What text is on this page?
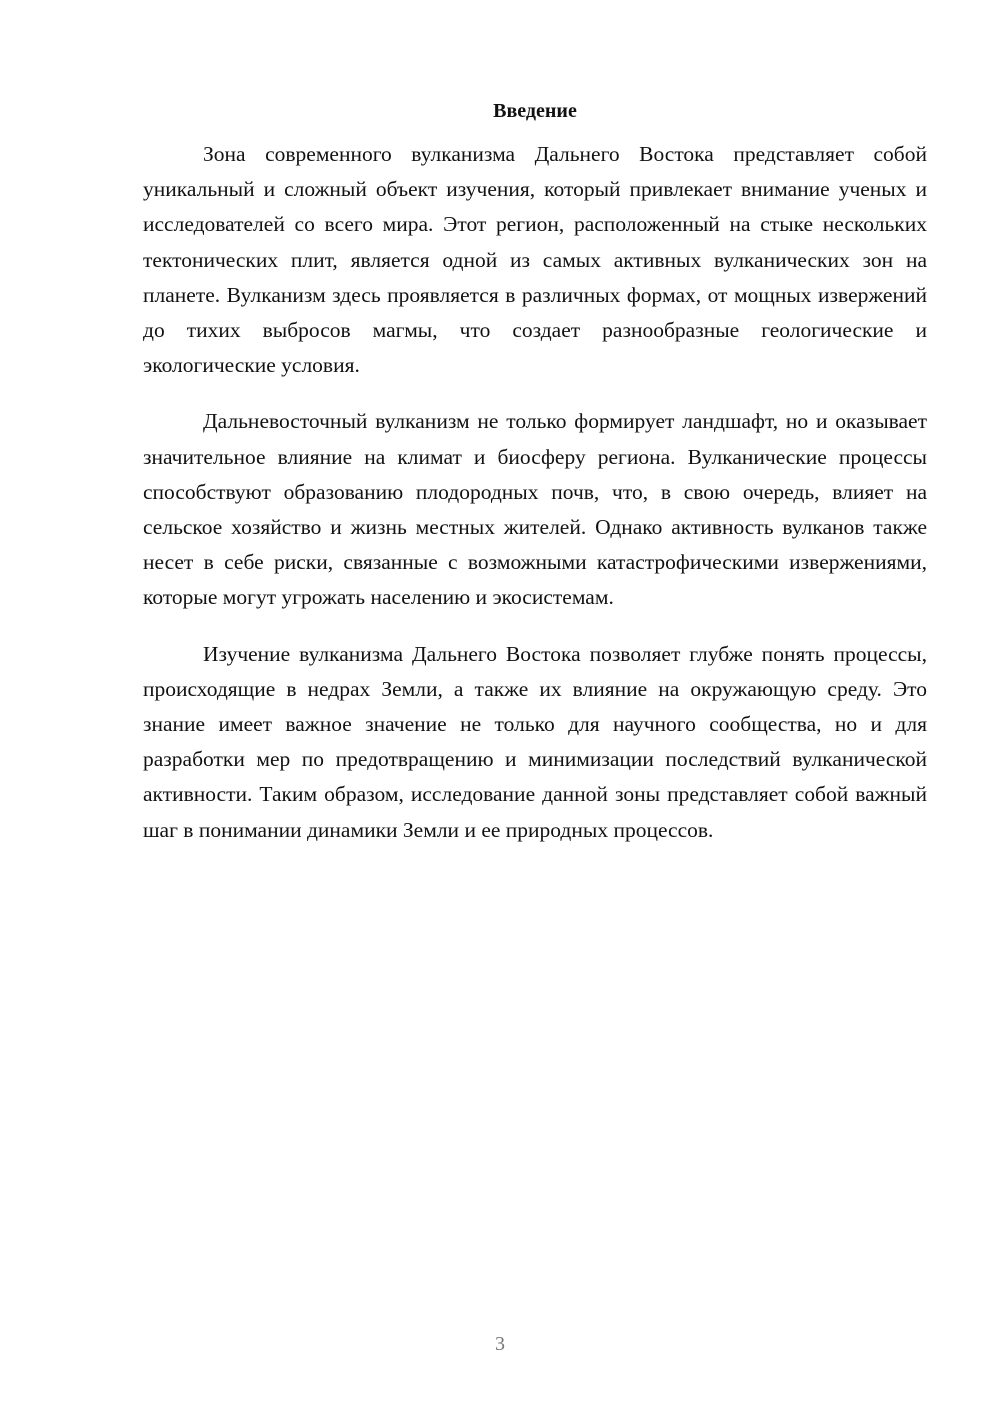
Введение

Зона современного вулканизма Дальнего Востока представляет собой уникальный и сложный объект изучения, который привлекает внимание ученых и исследователей со всего мира. Этот регион, расположенный на стыке нескольких тектонических плит, является одной из самых активных вулканических зон на планете. Вулканизм здесь проявляется в различных формах, от мощных извержений до тихих выбросов магмы, что создает разнообразные геологические и экологические условия.

Дальневосточный вулканизм не только формирует ландшафт, но и оказывает значительное влияние на климат и биосферу региона. Вулканические процессы способствуют образованию плодородных почв, что, в свою очередь, влияет на сельское хозяйство и жизнь местных жителей. Однако активность вулканов также несет в себе риски, связанные с возможными катастрофическими извержениями, которые могут угрожать населению и экосистемам.

Изучение вулканизма Дальнего Востока позволяет глубже понять процессы, происходящие в недрах Земли, а также их влияние на окружающую среду. Это знание имеет важное значение не только для научного сообщества, но и для разработки мер по предотвращению и минимизации последствий вулканической активности. Таким образом, исследование данной зоны представляет собой важный шаг в понимании динамики Земли и ее природных процессов.

3
